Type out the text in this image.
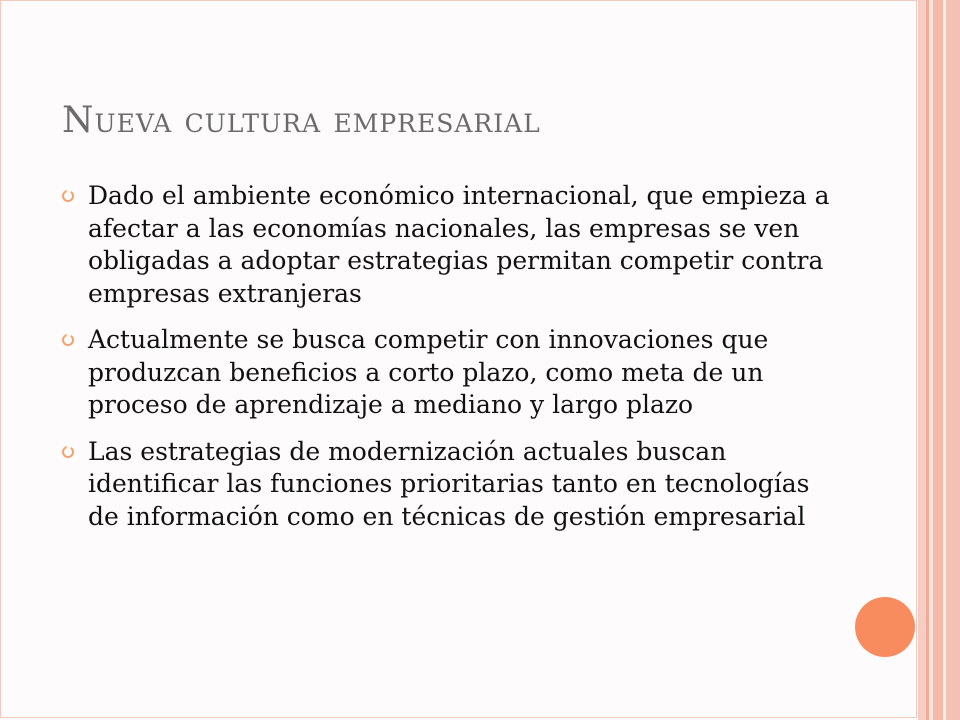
Nueva cultura empresarial
Dado el ambiente económico internacional, que empieza a afectar a las economías nacionales, las empresas se ven obligadas a adoptar estrategias permitan competir contra empresas extranjeras
Actualmente se busca competir con innovaciones que produzcan beneficios a corto plazo, como meta de un proceso de aprendizaje a mediano y largo plazo
Las estrategias de modernización actuales buscan identificar las funciones prioritarias tanto en tecnologías de información como en técnicas de gestión empresarial
